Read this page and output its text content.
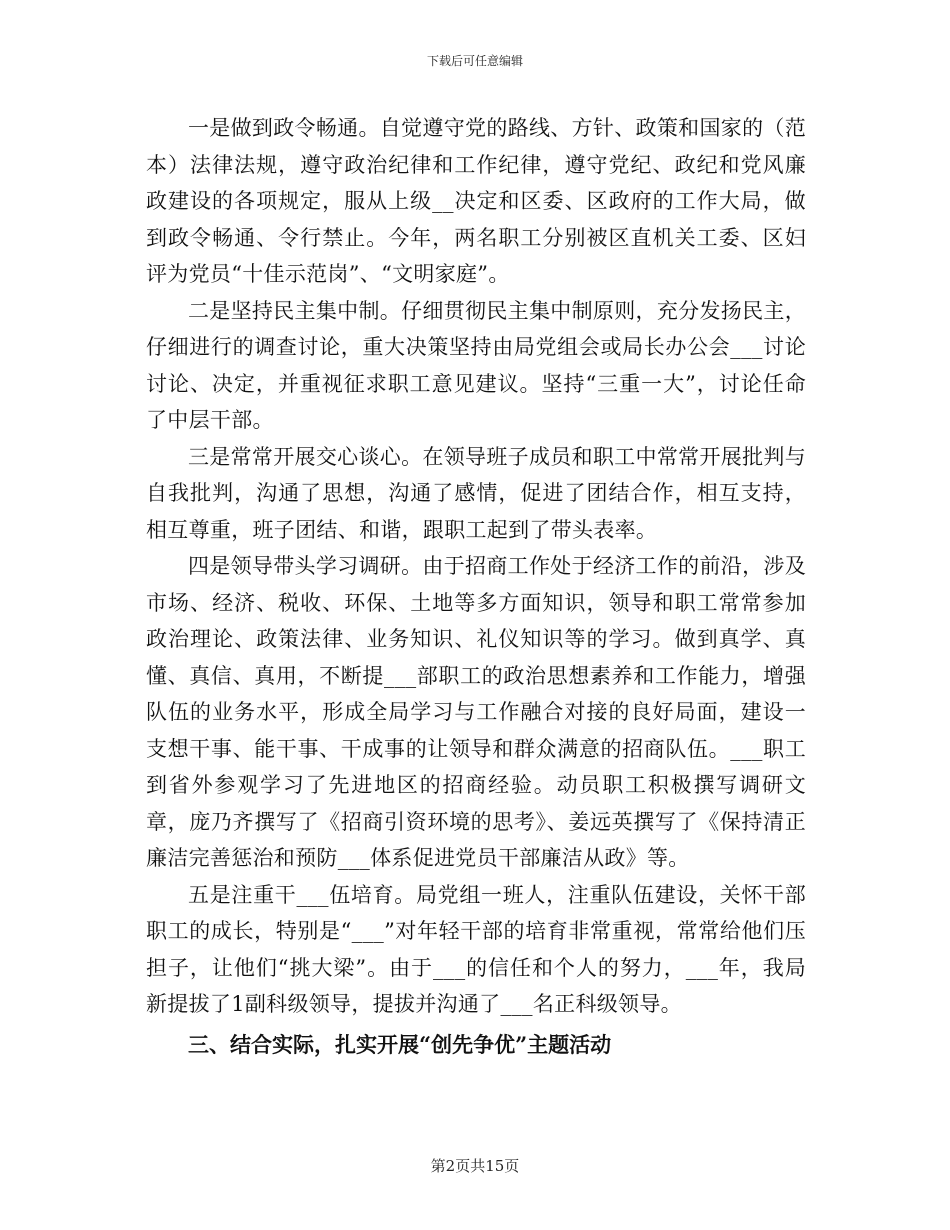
下载后可任意编辑

一是做到政令畅通。自觉遵守党的路线、方针、政策和国家的（范本）法律法规，遵守政治纪律和工作纪律，遵守党纪、政纪和党风廉政建设的各项规定，服从上级__决定和区委、区政府的工作大局，做到政令畅通、令行禁止。今年，两名职工分别被区直机关工委、区妇评为党员“十佳示范岗”、“文明家庭”。

二是坚持民主集中制。仔细贯彻民主集中制原则，充分发扬民主，仔细进行的调查讨论，重大决策坚持由局党组会或局长办公会___讨论讨论、决定，并重视征求职工意见建议。坚持“三重一大”，讨论任命了中层干部。

三是常常开展交心谈心。在领导班子成员和职工中常常开展批判与自我批判，沟通了思想，沟通了感情，促进了团结合作，相互支持，相互尊重，班子团结、和谐，跟职工起到了带头表率。

四是领导带头学习调研。由于招商工作处于经济工作的前沿，涉及市场、经济、税收、环保、土地等多方面知识，领导和职工常常参加政治理论、政策法律、业务知识、礼仪知识等的学习。做到真学、真懂、真信、真用，不断提___部职工的政治思想素养和工作能力，增强队伍的业务水平，形成全局学习与工作融合对接的良好局面，建设一支想干事、能干事、干成事的让领导和群众满意的招商队伍。___职工到省外参观学习了先进地区的招商经验。动员职工积极撰写调研文章，庞乃齐撰写了《招商引资环境的思考》、姜远英撰写了《保持清正廉洁完善惩治和预防___体系促进党员干部廉洁从政》等。

五是注重干___伍培育。局党组一班人，注重队伍建设，关怀干部职工的成长，特别是“___”对年轻干部的培育非常重视，常常给他们压担子，让他们“挑大梁”。由于___的信任和个人的努力，___年，我局新提拔了1副科级领导，提拔并沟通了___名正科级领导。

三、结合实际，扎实开展“创先争优”主题活动

第2页共15页
